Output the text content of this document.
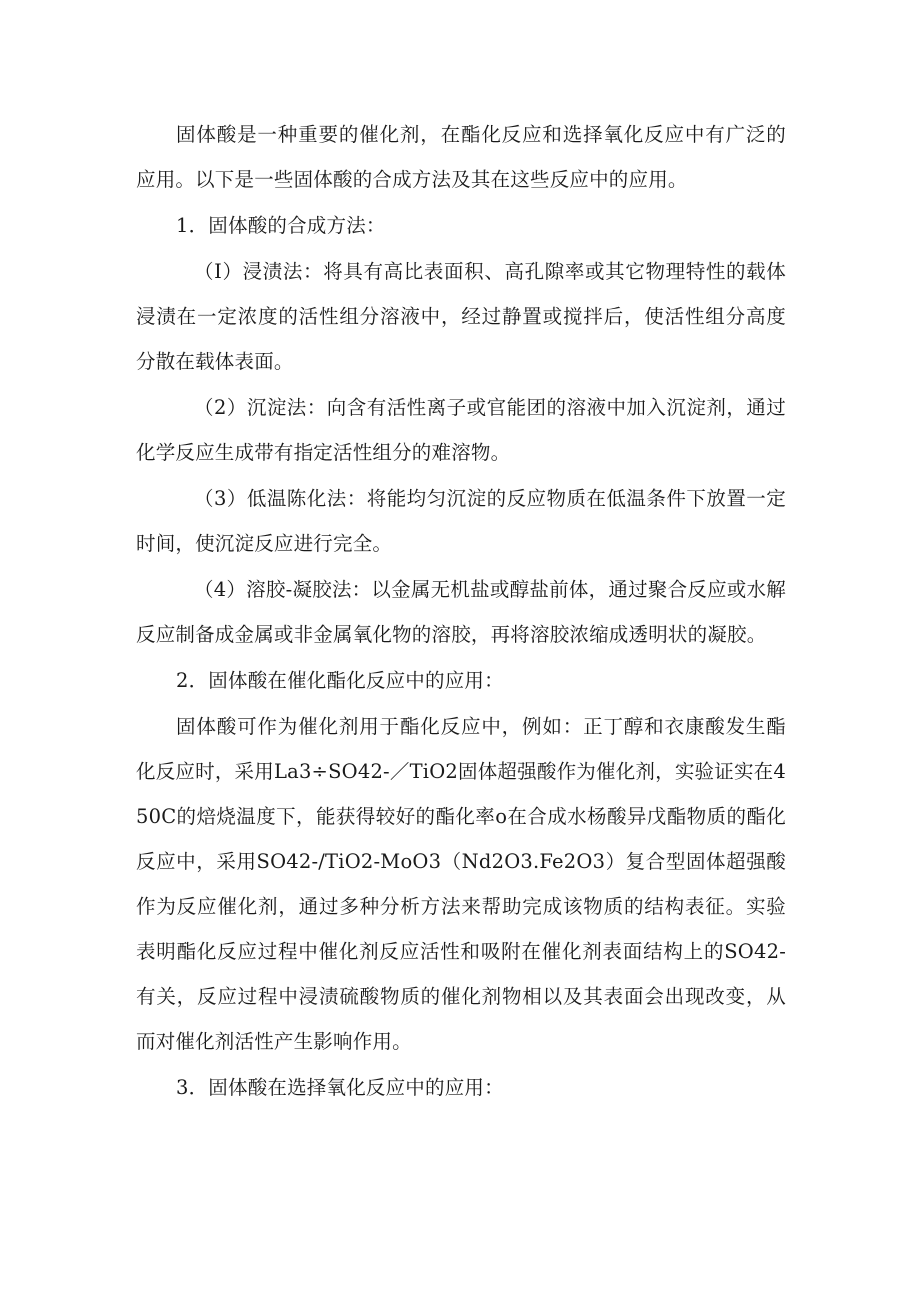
固体酸是一种重要的催化剂，在酯化反应和选择氧化反应中有广泛的应用。以下是一些固体酸的合成方法及其在这些反应中的应用。

1．固体酸的合成方法：

（I）浸渍法：将具有高比表面积、高孔隙率或其它物理特性的载体浸渍在一定浓度的活性组分溶液中，经过静置或搅拌后，使活性组分高度分散在载体表面。

（2）沉淀法：向含有活性离子或官能团的溶液中加入沉淀剂，通过化学反应生成带有指定活性组分的难溶物。

（3）低温陈化法：将能均匀沉淀的反应物质在低温条件下放置一定时间，使沉淀反应进行完全。

（4）溶胶-凝胶法：以金属无机盐或醇盐前体，通过聚合反应或水解反应制备成金属或非金属氧化物的溶胶，再将溶胶浓缩成透明状的凝胶。

2．固体酸在催化酯化反应中的应用：

固体酸可作为催化剂用于酯化反应中，例如：正丁醇和衣康酸发生酯化反应时，采用La3÷SO42-／TiO2固体超强酸作为催化剂，实验证实在450C的焙烧温度下，能获得较好的酯化率o在合成水杨酸异戊酯物质的酯化反应中，采用SO42-/TiO2-MoO3（Nd2O3.Fe2O3）复合型固体超强酸作为反应催化剂，通过多种分析方法来帮助完成该物质的结构表征。实验表明酯化反应过程中催化剂反应活性和吸附在催化剂表面结构上的SO42-有关，反应过程中浸渍硫酸物质的催化剂物相以及其表面会出现改变，从而对催化剂活性产生影响作用。

3．固体酸在选择氧化反应中的应用：
